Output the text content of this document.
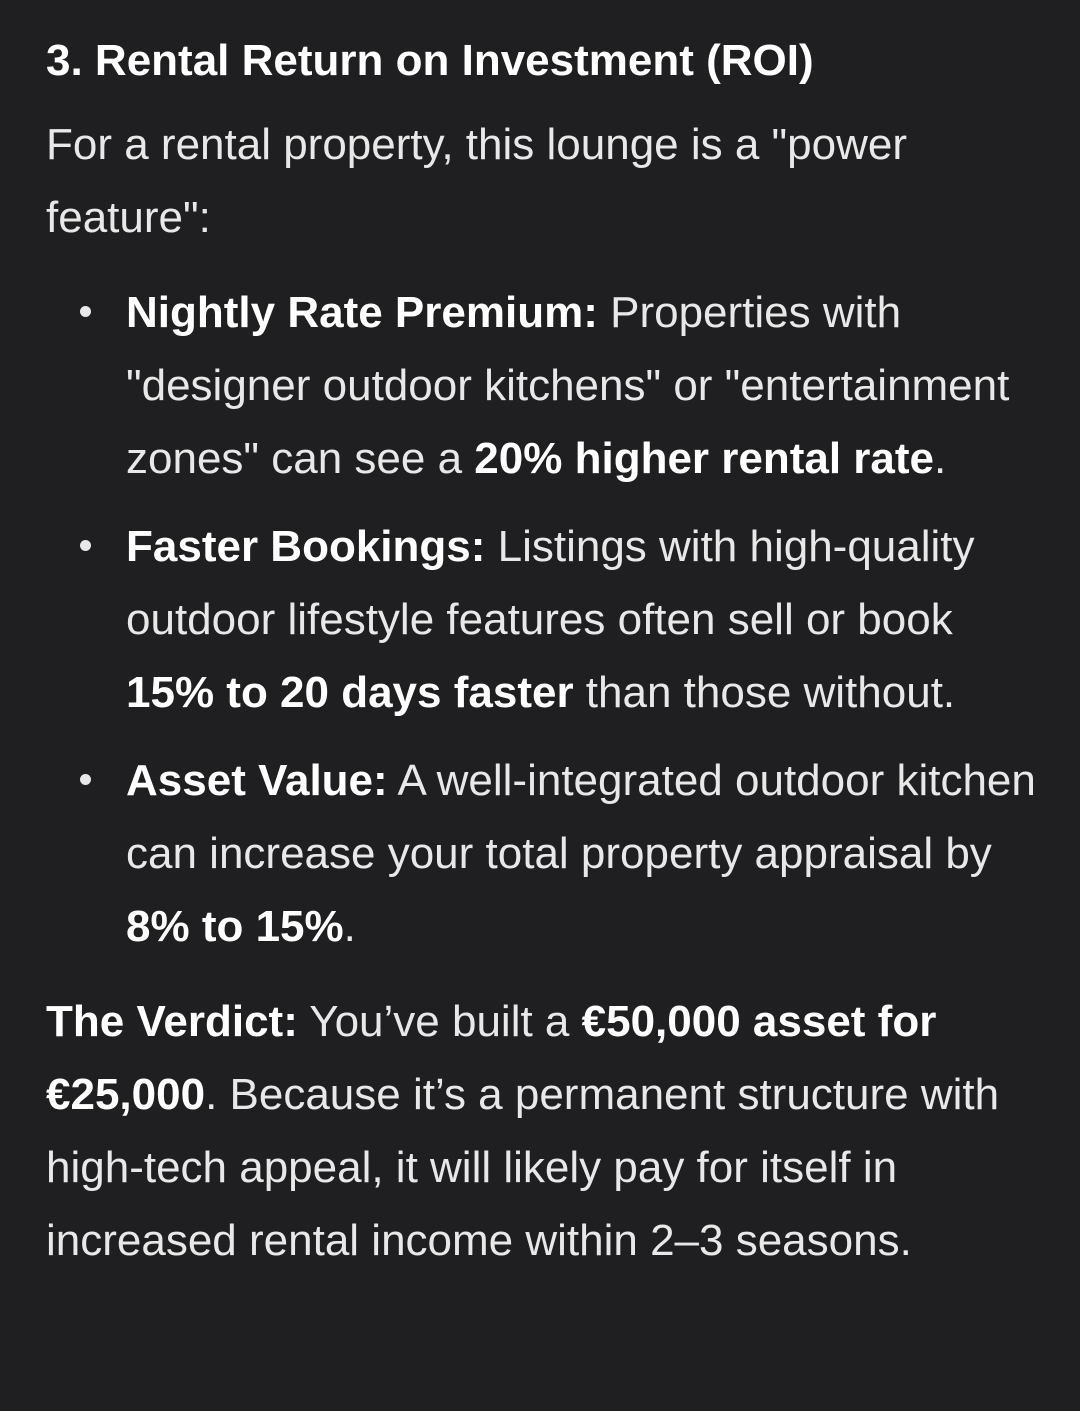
3. Rental Return on Investment (ROI)

For a rental property, this lounge is a "power feature":

Nightly Rate Premium: Properties with "designer outdoor kitchens" or "entertainment zones" can see a 20% higher rental rate.
Faster Bookings: Listings with high-quality outdoor lifestyle features often sell or book 15% to 20 days faster than those without.
Asset Value: A well-integrated outdoor kitchen can increase your total property appraisal by 8% to 15%.

The Verdict: You’ve built a €50,000 asset for €25,000. Because it’s a permanent structure with high-tech appeal, it will likely pay for itself in increased rental income within 2–3 seasons.
